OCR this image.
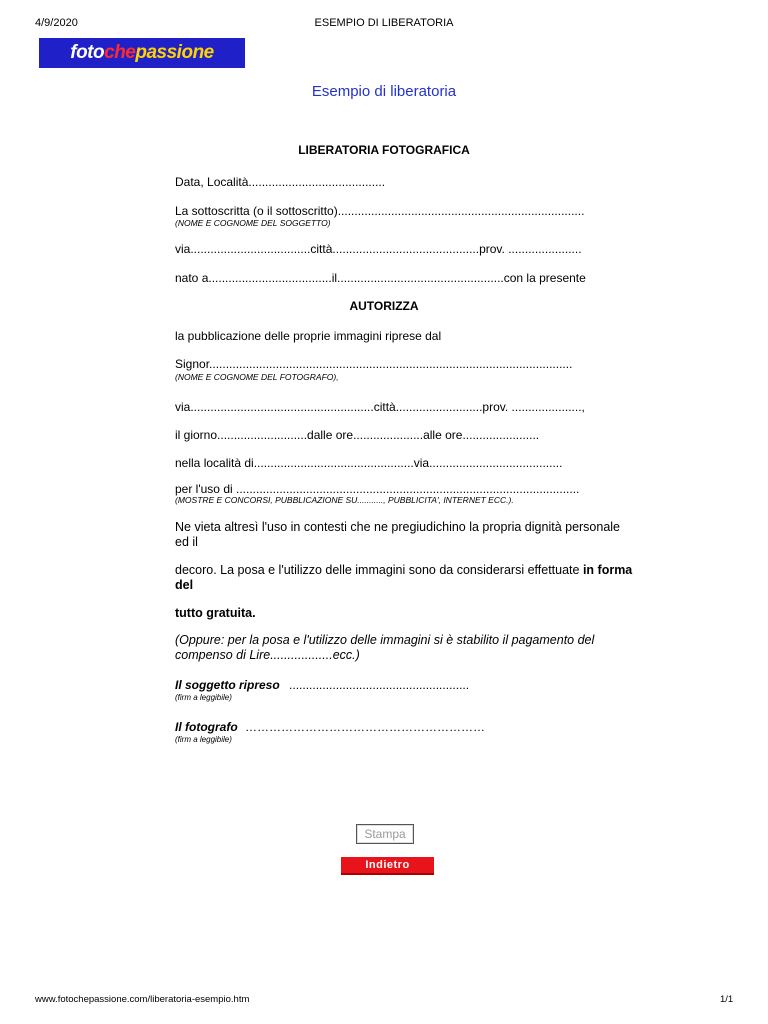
4/9/2020	ESEMPIO DI LIBERATORIA
foto che passione
Esempio di liberatoria
LIBERATORIA FOTOGRAFICA
Data, Località.........................................
La sottoscritta (o il sottoscritto)..........................................................................
(NOME E COGNOME DEL SOGGETTO)
via....................................città............................................prov. ......................
nato a.....................................il..................................................con la presente
AUTORIZZA
la pubblicazione delle proprie immagini riprese dal
Signor.............................................................................................................
(NOME E COGNOME DEL FOTOGRAFO),
via.......................................................città..........................prov. .....................,
il giorno...........................dalle ore.....................alle ore.......................
nella località di................................................via........................................
per l'uso di .......................................................................................................
(MOSTRE E CONCORSI, PUBBLICAZIONE SU..........., PUBBLICITA', INTERNET ECC.).
Ne vieta altresì l'uso in contesti che ne pregiudichino la propria dignità personale ed il
decoro. La posa e l'utilizzo delle immagini sono da considerarsi effettuate in forma del
tutto gratuita.
(Oppure: per la posa e l'utilizzo delle immagini si è stabilito il pagamento del compenso di Lire..................ecc.)
Il soggetto ripreso ......................................................
(firm a leggibile)
Il fotografo ……………………………………………………
(firm a leggibile)
Stampa
Indietro
www.fotochepassione.com/liberatoria-esempio.htm	1/1
